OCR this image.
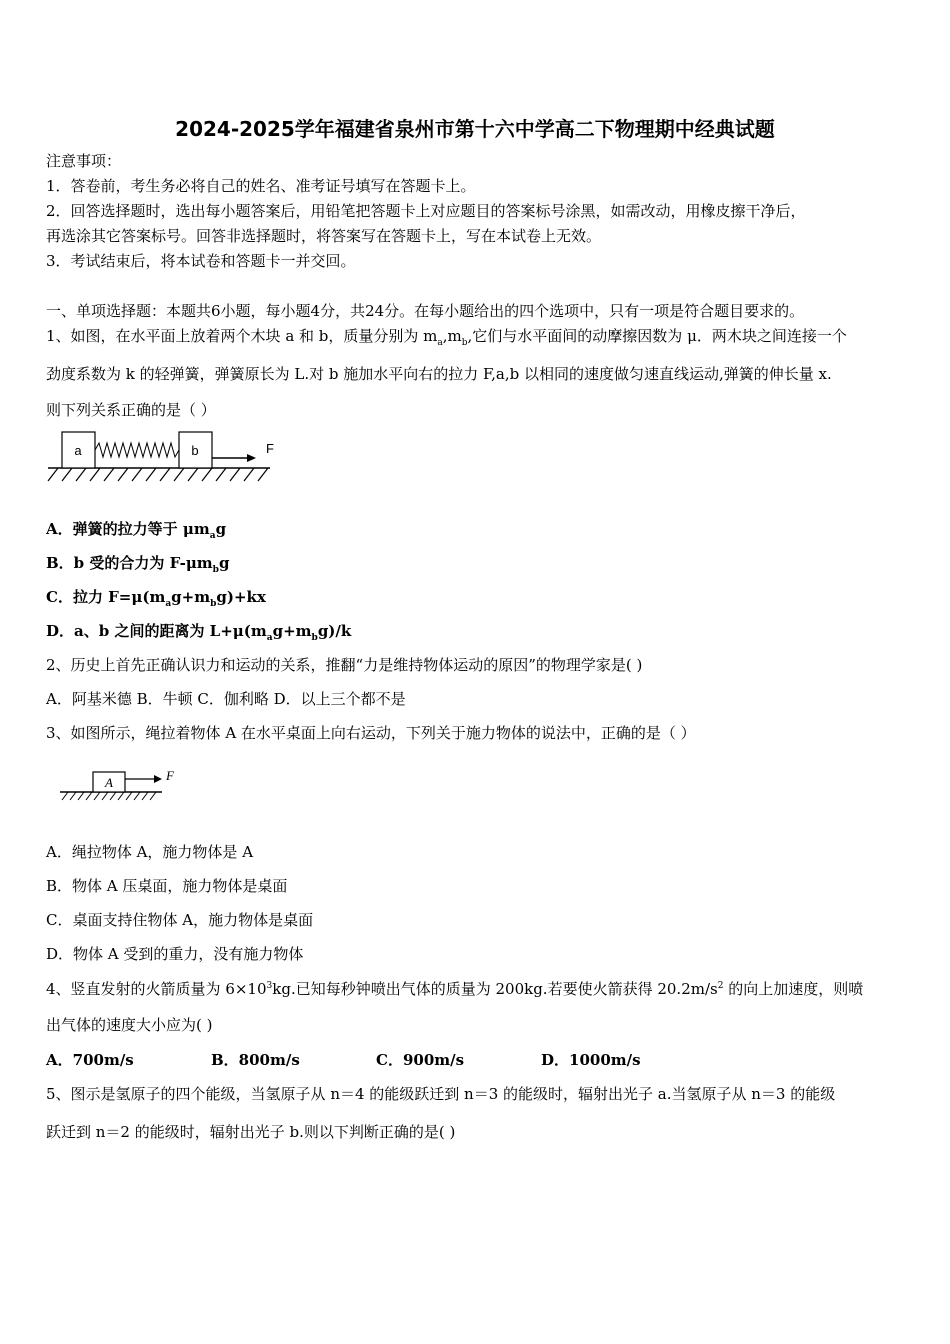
2024-2025学年福建省泉州市第十六中学高二下物理期中经典试题
注意事项：
1．答卷前，考生务必将自己的姓名、准考证号填写在答题卡上。
2．回答选择题时，选出每小题答案后，用铅笔把答题卡上对应题目的答案标号涂黑，如需改动，用橡皮擦干净后，
再选涂其它答案标号。回答非选择题时，将答案写在答题卡上，写在本试卷上无效。
3．考试结束后，将本试卷和答题卡一并交回。
一、单项选择题：本题共6小题，每小题4分，共24分。在每小题给出的四个选项中，只有一项是符合题目要求的。
1、如图，在水平面上放着两个木块 a 和 b，质量分别为 $m_a,m_b$,它们与水平面间的动摩擦因数为 μ．两木块之间连接一个
劲度系数为 k 的轻弹簧，弹簧原长为 L.对 b 施加水平向右的拉力 F,a,b 以相同的速度做匀速直线运动,弹簧的伸长量 x.
则下列关系正确的是（ ）
a	b	F
A．弹簧的拉力等于 $\mu m_ag$
B．b 受的合力为 $F-\mu m_bg$
C．拉力 $F=\mu(m_ag+m_bg)+kx$
D．a、b 之间的距离为 $L+\mu(m_ag+m_bg)/k$
2、历史上首先正确认识力和运动的关系，推翻“力是维持物体运动的原因”的物理学家是( )
A．阿基米德 B．牛顿 C．伽利略 D．以上三个都不是
3、如图所示，绳拉着物体 A 在水平桌面上向右运动，下列关于施力物体的说法中，正确的是（ ）
A	F
A．绳拉物体 A，施力物体是 A
B．物体 A 压桌面，施力物体是桌面
C．桌面支持住物体 A，施力物体是桌面
D．物体 A 受到的重力，没有施力物体
4、竖直发射的火箭质量为 $6\times 10^3kg$.已知每秒钟喷出气体的质量为 200kg.若要使火箭获得 $20.2m/s^2$ 的向上加速度，则喷
出气体的速度大小应为( )
A．700m/s	B．800m/s	C．900m/s	D．1000m/s
5、图示是氢原子的四个能级，当氢原子从 n＝4 的能级跃迁到 n＝3 的能级时，辐射出光子 a.当氢原子从 n＝3 的能级
跃迁到 n＝2 的能级时，辐射出光子 b.则以下判断正确的是( )
